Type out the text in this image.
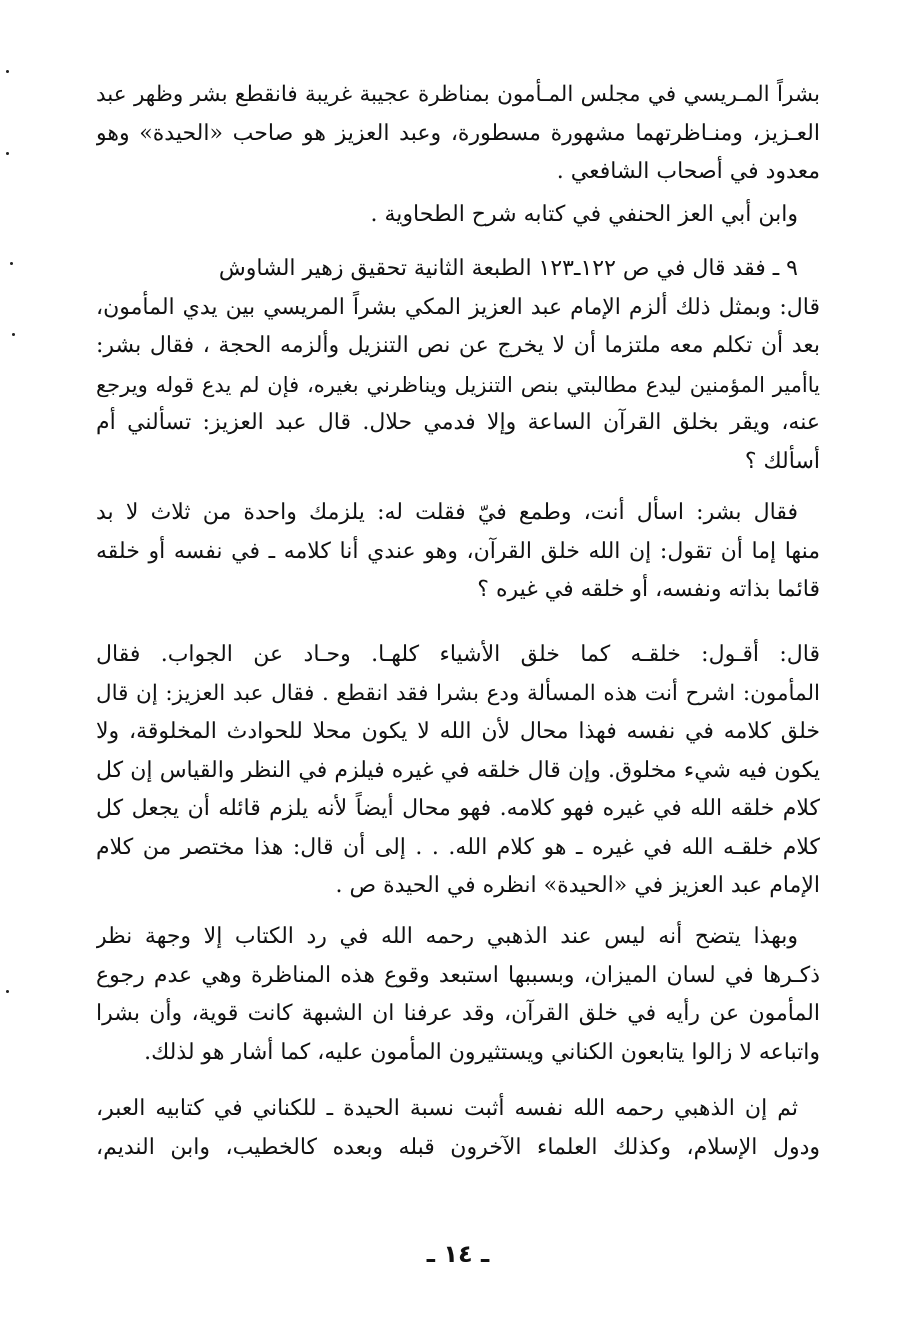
بشراً المـريسي في مجلس المـأمون بمناظرة عجيبة غريبة فانقطع بشر وظهر عبد
العـزيز، ومنـاظرتهما مشهورة مسطورة، وعبد العزيز هو صاحب «الحيدة» وهو
معدود في أصحاب الشافعي .
وابن أبي العز الحنفي في كتابه شرح الطحاوية .
٩ ـ فقد قال في ص ١٢٢ـ١٢٣ الطبعة الثانية تحقيق زهير الشاوش
قال: وبمثل ذلك ألزم الإمام عبد العزيز المكي بشراً المريسي بين يدي المأمون،
بعد أن تكلم معه ملتزما أن لا يخرج عن نص التنزيل وألزمه الحجة ، فقال بشر:
ياأمير المؤمنين ليدع مطالبتي بنص التنزيل ويناظرني بغيره، فإن لم يدع قوله ويرجع
عنه، ويقر بخلق القرآن الساعة وإلا فدمي حلال. قال عبد العزيز: تسألني أم
أسألك ؟
فقال بشر: اسأل أنت، وطمع فيّ فقلت له: يلزمك واحدة من ثلاث لا بد
منها إما أن تقول: إن الله خلق القرآن، وهو عندي أنا كلامه ـ في نفسه أو خلقه
قائما بذاته ونفسه، أو خلقه في غيره ؟
قال: أقـول: خلقـه كما خلق الأشياء كلهـا. وحـاد عن الجواب. فقال
المأمون: اشرح أنت هذه المسألة ودع بشرا فقد انقطع . فقال عبد العزيز: إن قال
خلق كلامه في نفسه فهذا محال لأن الله لا يكون محلا للحوادث المخلوقة، ولا
يكون فيه شيء مخلوق. وإن قال خلقه في غيره فيلزم في النظر والقياس إن كل
كلام خلقه الله في غيره فهو كلامه. فهو محال أيضاً لأنه يلزم قائله أن يجعل كل
كلام خلقـه الله في غيره ـ هو كلام الله. . . إلى أن قال: هذا مختصر من كلام
الإمام عبد العزيز في «الحيدة» انظره في الحيدة ص .
وبهذا يتضح أنه ليس عند الذهبي رحمه الله في رد الكتاب إلا وجهة نظر
ذكـرها في لسان الميزان، وبسببها استبعد وقوع هذه المناظرة وهي عدم رجوع
المأمون عن رأيه في خلق القرآن، وقد عرفنا ان الشبهة كانت قوية، وأن بشرا
واتباعه لا زالوا يتابعون الكناني ويستثيرون المأمون عليه، كما أشار هو لذلك.
ثم إن الذهبي رحمه الله نفسه أثبت نسبة الحيدة ـ للكناني في كتابيه العبر،
ودول الإسلام، وكذلك العلماء الآخرون قبله وبعده كالخطيب، وابن النديم،
ـ ١٤ ـ
